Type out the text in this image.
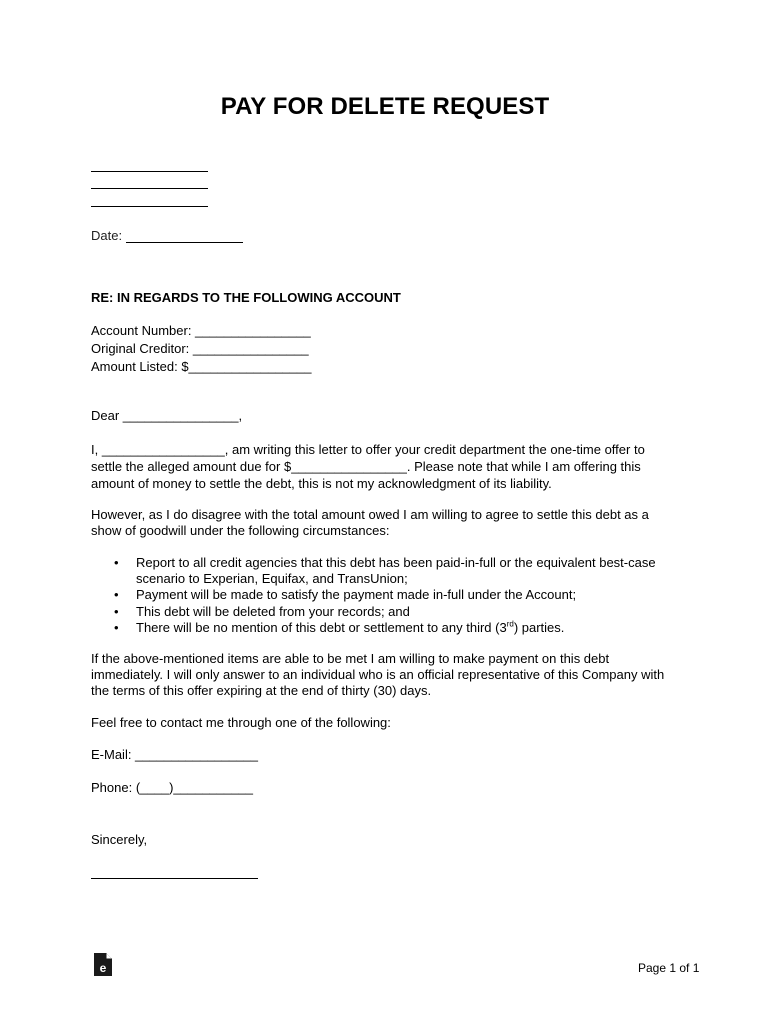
PAY FOR DELETE REQUEST
Date:
RE: IN REGARDS TO THE FOLLOWING ACCOUNT
Account Number: ________________
Original Creditor: ________________
Amount Listed: $_________________
Dear ________________,
I, _________________, am writing this letter to offer your credit department the one-time offer to
settle the alleged amount due for $________________. Please note that while I am offering this
amount of money to settle the debt, this is not my acknowledgment of its liability.
However, as I do disagree with the total amount owed I am willing to agree to settle this debt as a
show of goodwill under the following circumstances:
• Report to all credit agencies that this debt has been paid-in-full or the equivalent best-case
scenario to Experian, Equifax, and TransUnion;
• Payment will be made to satisfy the payment made in-full under the Account;
• This debt will be deleted from your records; and
• There will be no mention of this debt or settlement to any third (3rd) parties.
If the above-mentioned items are able to be met I am willing to make payment on this debt
immediately. I will only answer to an individual who is an official representative of this Company with
the terms of this offer expiring at the end of thirty (30) days.
Feel free to contact me through one of the following:
E-Mail: _________________
Phone: (____)___________
Sincerely,
e	Page 1 of 1
